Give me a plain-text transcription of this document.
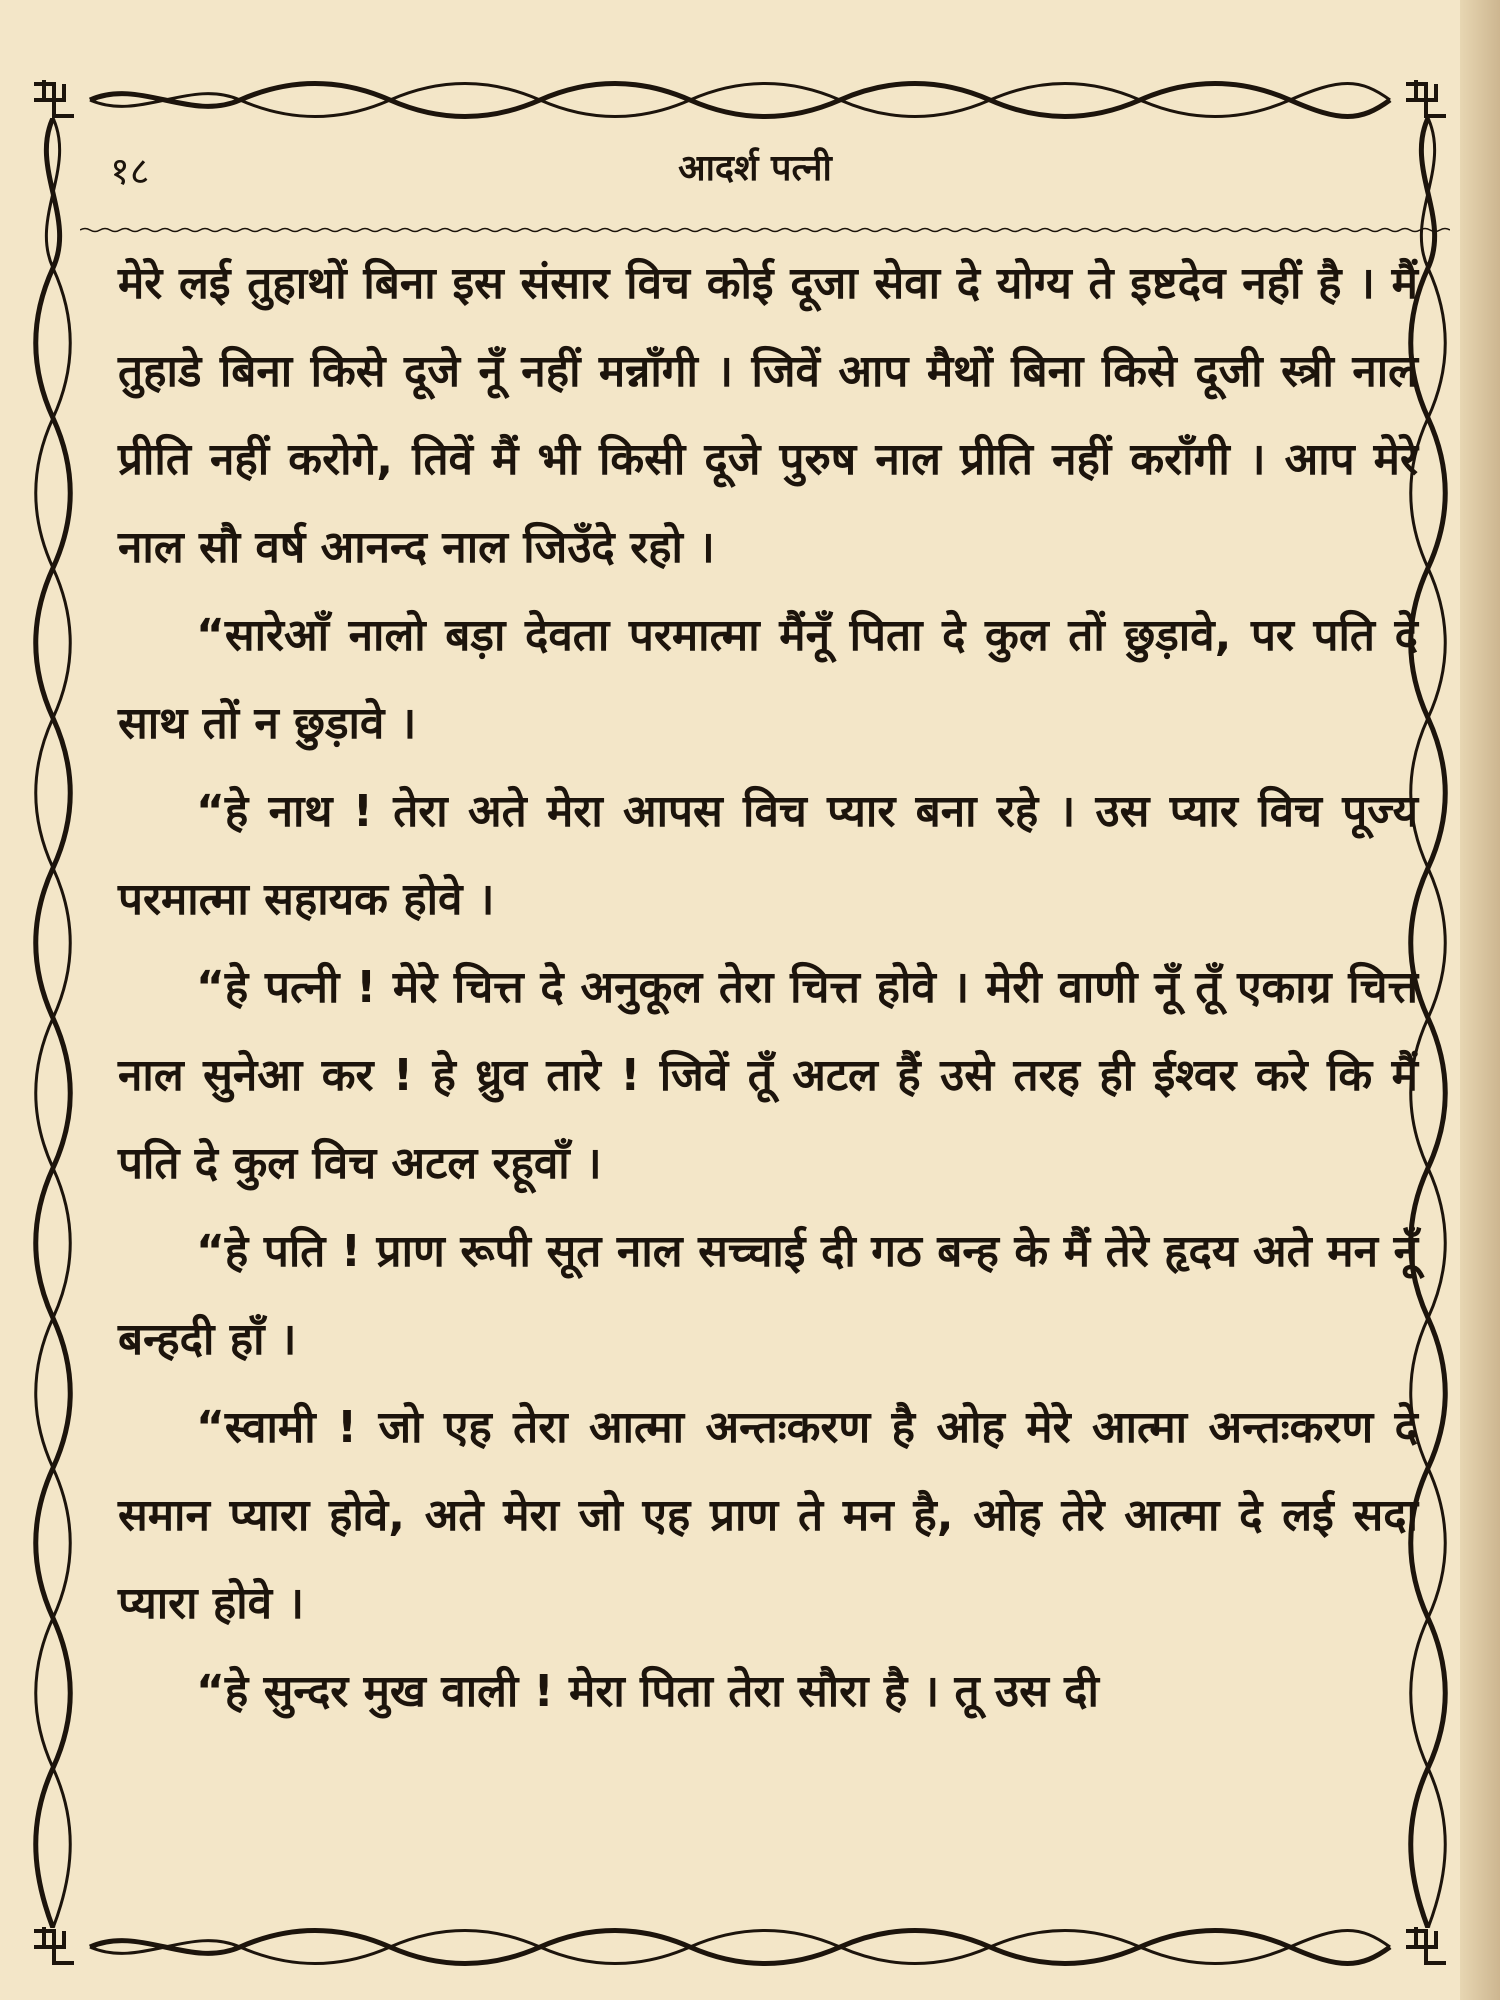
१८	आदर्श पत्नी

मेरे लई तुहाथों बिना इस संसार विच कोई दूजा सेवा दे योग्य ते इष्टदेव नहीं है । मैं तुहाडे बिना किसे दूजे नूँ नहीं मन्नाँगी । जिवें आप मैथों बिना किसे दूजी स्त्री नाल प्रीति नहीं करोगे, तिवें मैं भी किसी दूजे पुरुष नाल प्रीति नहीं कराँगी । आप मेरे नाल सौ वर्ष आनन्द नाल जिउँदे रहो ।

“सारेआँ नालो बड़ा देवता परमात्मा मैंनूँ पिता दे कुल तों छुड़ावे, पर पति दे साथ तों न छुड़ावे ।

“हे नाथ ! तेरा अते मेरा आपस विच प्यार बना रहे । उस प्यार विच पूज्य परमात्मा सहायक होवे ।

“हे पत्नी ! मेरे चित्त दे अनुकूल तेरा चित्त होवे । मेरी वाणी नूँ तूँ एकाग्र चित्त नाल सुनेआ कर ! हे ध्रुव तारे ! जिवें तूँ अटल हैं उसे तरह ही ईश्वर करे कि मैं पति दे कुल विच अटल रहूवाँ ।

“हे पति ! प्राण रूपी सूत नाल सच्चाई दी गठ बन्ह के मैं तेरे हृदय अते मन नूँ बन्हदी हाँ ।

“स्वामी ! जो एह तेरा आत्मा अन्तःकरण है ओह मेरे आत्मा अन्तःकरण दे समान प्यारा होवे, अते मेरा जो एह प्राण ते मन है, ओह तेरे आत्मा दे लई सदा प्यारा होवे ।

“हे सुन्दर मुख वाली ! मेरा पिता तेरा सौरा है । तू उस दी
